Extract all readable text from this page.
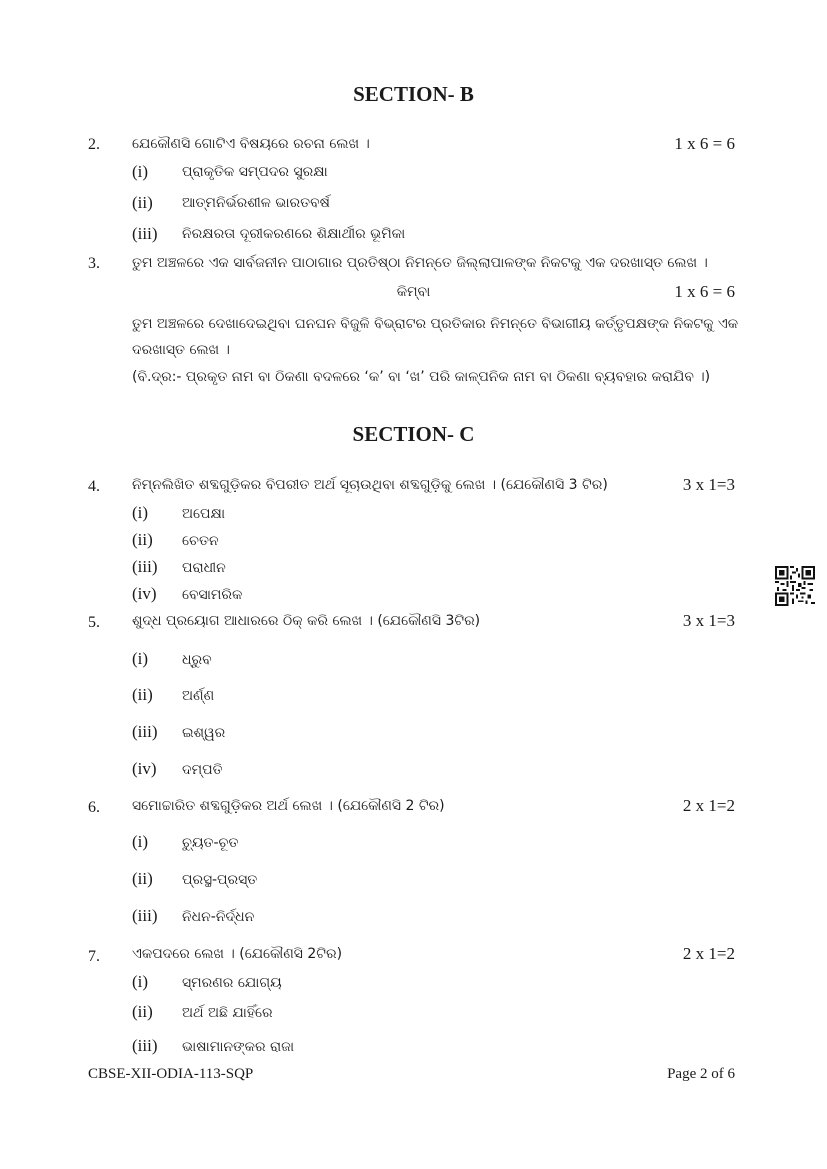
SECTION- B
2. ଯେକୌଣସି ଗୋଟିଏ ବିଷୟରେ ରଚନା ଲେଖ ।	1 x 6 = 6
(i) ପ୍ରାକୃତିକ ସମ୍ପଦର ସୁରକ୍ଷା
(ii) ଆତ୍ମନିର୍ଭରଶୀଳ ଭାରତବର୍ଷ
(iii) ନିରକ୍ଷରତା ଦୂରୀକରଣରେ ଶିକ୍ଷାର୍ଥୀର ଭୂମିକା
3. ତୁମ ଅଞ୍ଚଳରେ ଏକ ସାର୍ବଜନୀନ ପାଠାଗାର ପ୍ରତିଷ୍ଠା ନିମନ୍ତେ ଜିଲ୍ଲାପାଳଙ୍କ ନିକଟକୁ ଏକ ଦରଖାସ୍ତ ଲେଖ ।
କିମ୍ବା	1 x 6 = 6
ତୁମ ଅଞ୍ଚଳରେ ଦେଖାଦେଇଥିବା ଘନଘନ ବିଜୁଳି ବିଭ୍ରାଟର ପ୍ରତିକାର ନିମନ୍ତେ ବିଭାଗୀୟ କର୍ତ୍ତୃପକ୍ଷଙ୍କ ନିକଟକୁ ଏକ ଦରଖାସ୍ତ ଲେଖ ।
(ବି.ଦ୍ର:- ପ୍ରକୃତ ନାମ ବା ଠିକଣା ବଦଳରେ ‘କ’ ବା ‘ଖ’ ପରି କାଳ୍ପନିକ ନାମ ବା ଠିକଣା ବ୍ୟବହାର କରାଯିବ ।)
SECTION- C
4. ନିମ୍ନଲିଖିତ ଶବ୍ଦଗୁଡ଼ିକର ବିପରୀତ ଅର୍ଥ ସୂଚାଉଥିବା ଶବ୍ଦଗୁଡ଼ିକୁ ଲେଖ । (ଯେକୌଣସି 3 ଟିର)	3 x 1=3
(i) ଅପେକ୍ଷା
(ii) ଚେତନ
(iii) ପରାଧୀନ
(iv) ବେସାମରିକ
5. ଶୁଦ୍ଧ ପ୍ରୟୋଗ ଆଧାରରେ ଠିକ୍ କରି ଲେଖ । (ଯେକୌଣସି 3ଟିର)	3 x 1=3
(i) ଧ୍ରୁବ
(ii) ଅର୍ଣ୍ଣ
(iii) ଇଶ୍ୱର
(iv) ଦମ୍ପତି
6. ସମୋଚ୍ଚାରିତ ଶବ୍ଦଗୁଡ଼ିକର ଅର୍ଥ ଲେଖ । (ଯେକୌଣସି 2 ଟିର)	2 x 1=2
(i) ଚ୍ୟୁତ-ଚୂତ
(ii) ପ୍ରସ୍ଥ-ପ୍ରସ୍ତ
(iii) ନିଧନ-ନିର୍ଦ୍ଧନ
7. ଏକପଦରେ ଲେଖ । (ଯେକୌଣସି 2ଟିର)	2 x 1=2
(i) ସ୍ମରଣର ଯୋଗ୍ୟ
(ii) ଅର୍ଥ ଅଛି ଯାହିଁରେ
(iii) ଭାଷାମାନଙ୍କର ରାଜା
CBSE-XII-ODIA-113-SQP	Page 2 of 6
